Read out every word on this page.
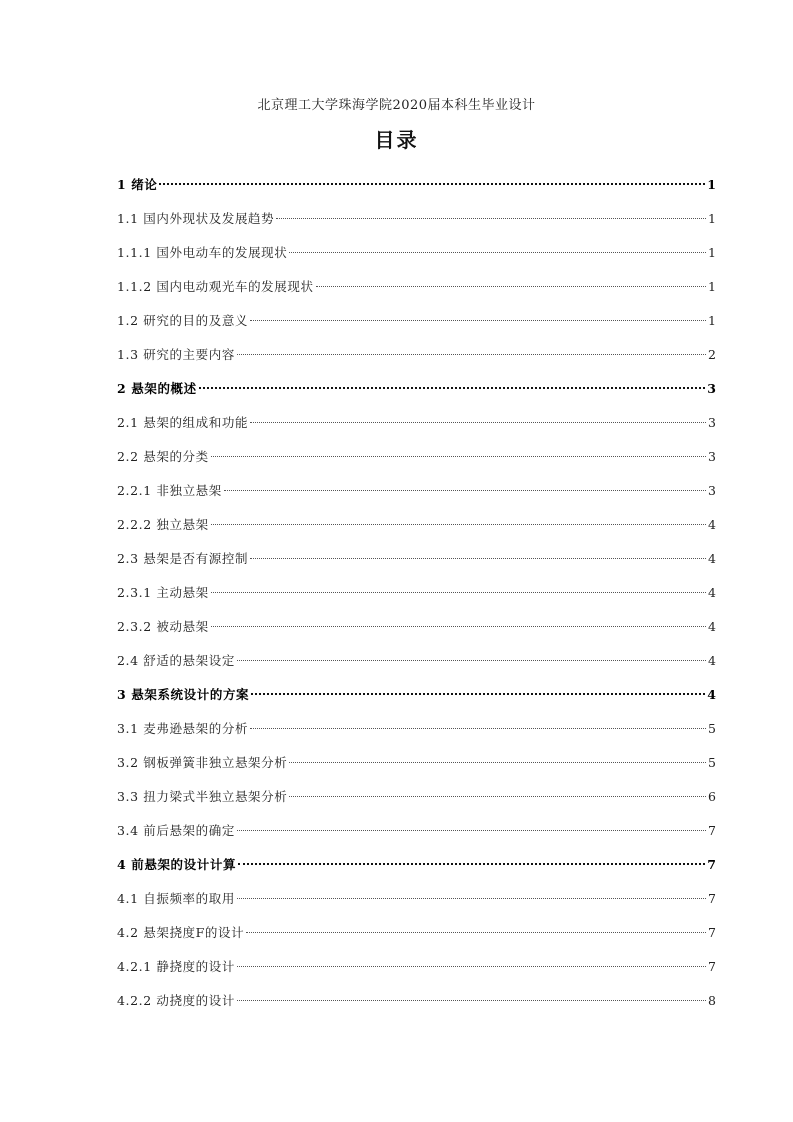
北京理工大学珠海学院2020届本科生毕业设计
目录
1 绪论	1
1.1 国内外现状及发展趋势	1
1.1.1 国外电动车的发展现状	1
1.1.2 国内电动观光车的发展现状	1
1.2 研究的目的及意义	1
1.3 研究的主要内容	2
2 悬架的概述	3
2.1 悬架的组成和功能	3
2.2 悬架的分类	3
2.2.1 非独立悬架	3
2.2.2 独立悬架	4
2.3 悬架是否有源控制	4
2.3.1 主动悬架	4
2.3.2 被动悬架	4
2.4 舒适的悬架设定	4
3 悬架系统设计的方案	4
3.1 麦弗逊悬架的分析	5
3.2 钢板弹簧非独立悬架分析	5
3.3 扭力梁式半独立悬架分析	6
3.4 前后悬架的确定	7
4 前悬架的设计计算	7
4.1 自振频率的取用	7
4.2 悬架挠度F的设计	7
4.2.1 静挠度的设计	7
4.2.2 动挠度的设计	8
